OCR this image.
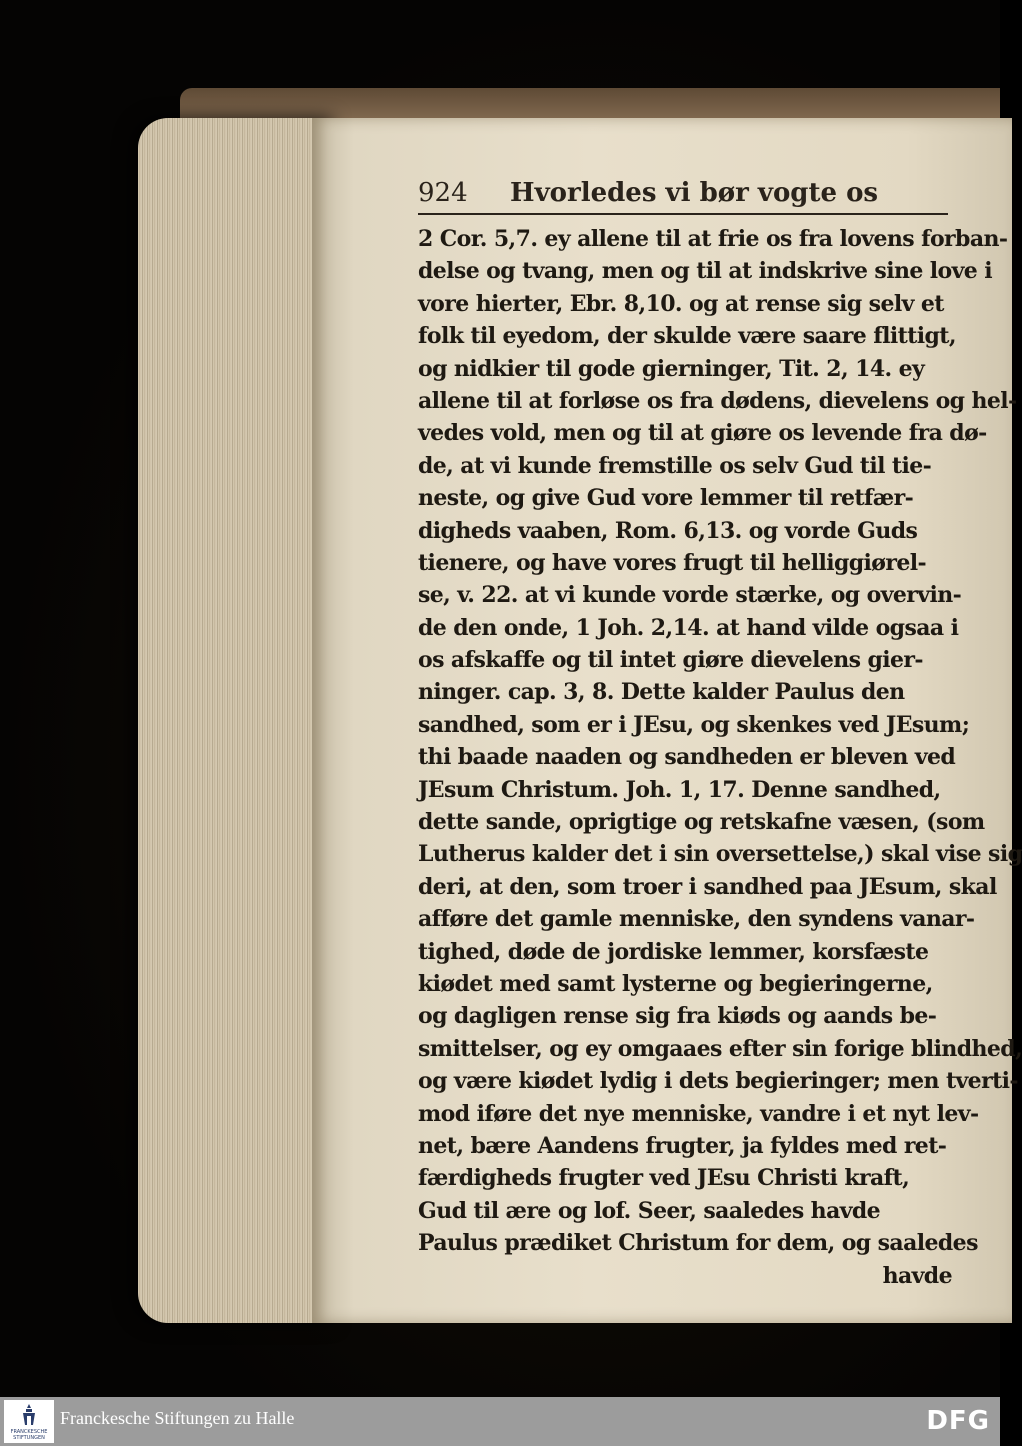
924 Hvorledes vi bør vogte os
2 Cor. 5,7. ey allene til at frie os fra lovens forban-
delse og tvang, men og til at indskrive sine love i
vore hierter, Ebr. 8,10. og at rense sig selv et
folk til eyedom, der skulde være saare flittigt,
og nidkier til gode gierninger, Tit. 2, 14. ey
allene til at forløse os fra dødens, dievelens og hel-
vedes vold, men og til at giøre os levende fra dø-
de, at vi kunde fremstille os selv Gud til tie-
neste, og give Gud vore lemmer til retfær-
digheds vaaben, Rom. 6,13. og vorde Guds
tienere, og have vores frugt til helliggiørel-
se, v. 22. at vi kunde vorde stærke, og overvin-
de den onde, 1 Joh. 2,14. at hand vilde ogsaa i
os afskaffe og til intet giøre dievelens gier-
ninger. cap. 3, 8. Dette kalder Paulus den
sandhed, som er i JEsu, og skenkes ved JEsum;
thi baade naaden og sandheden er bleven ved
JEsum Christum. Joh. 1, 17. Denne sandhed,
dette sande, oprigtige og retskafne væsen, (som
Lutherus kalder det i sin oversettelse,) skal vise sig
deri, at den, som troer i sandhed paa JEsum, skal
afføre det gamle menniske, den syndens vanar-
tighed, døde de jordiske lemmer, korsfæste
kiødet med samt lysterne og begieringerne,
og dagligen rense sig fra kiøds og aands be-
smittelser, og ey omgaaes efter sin forige blindhed,
og være kiødet lydig i dets begieringer; men tverti-
mod iføre det nye menniske, vandre i et nyt lev-
net, bære Aandens frugter, ja fyldes med ret-
færdigheds frugter ved JEsu Christi kraft,
Gud til ære og lof. Seer, saaledes havde
Paulus prædiket Christum for dem, og saaledes
havde
FRANCKESCHE STIFTUNGEN
Franckesche Stiftungen zu Halle	DFG
